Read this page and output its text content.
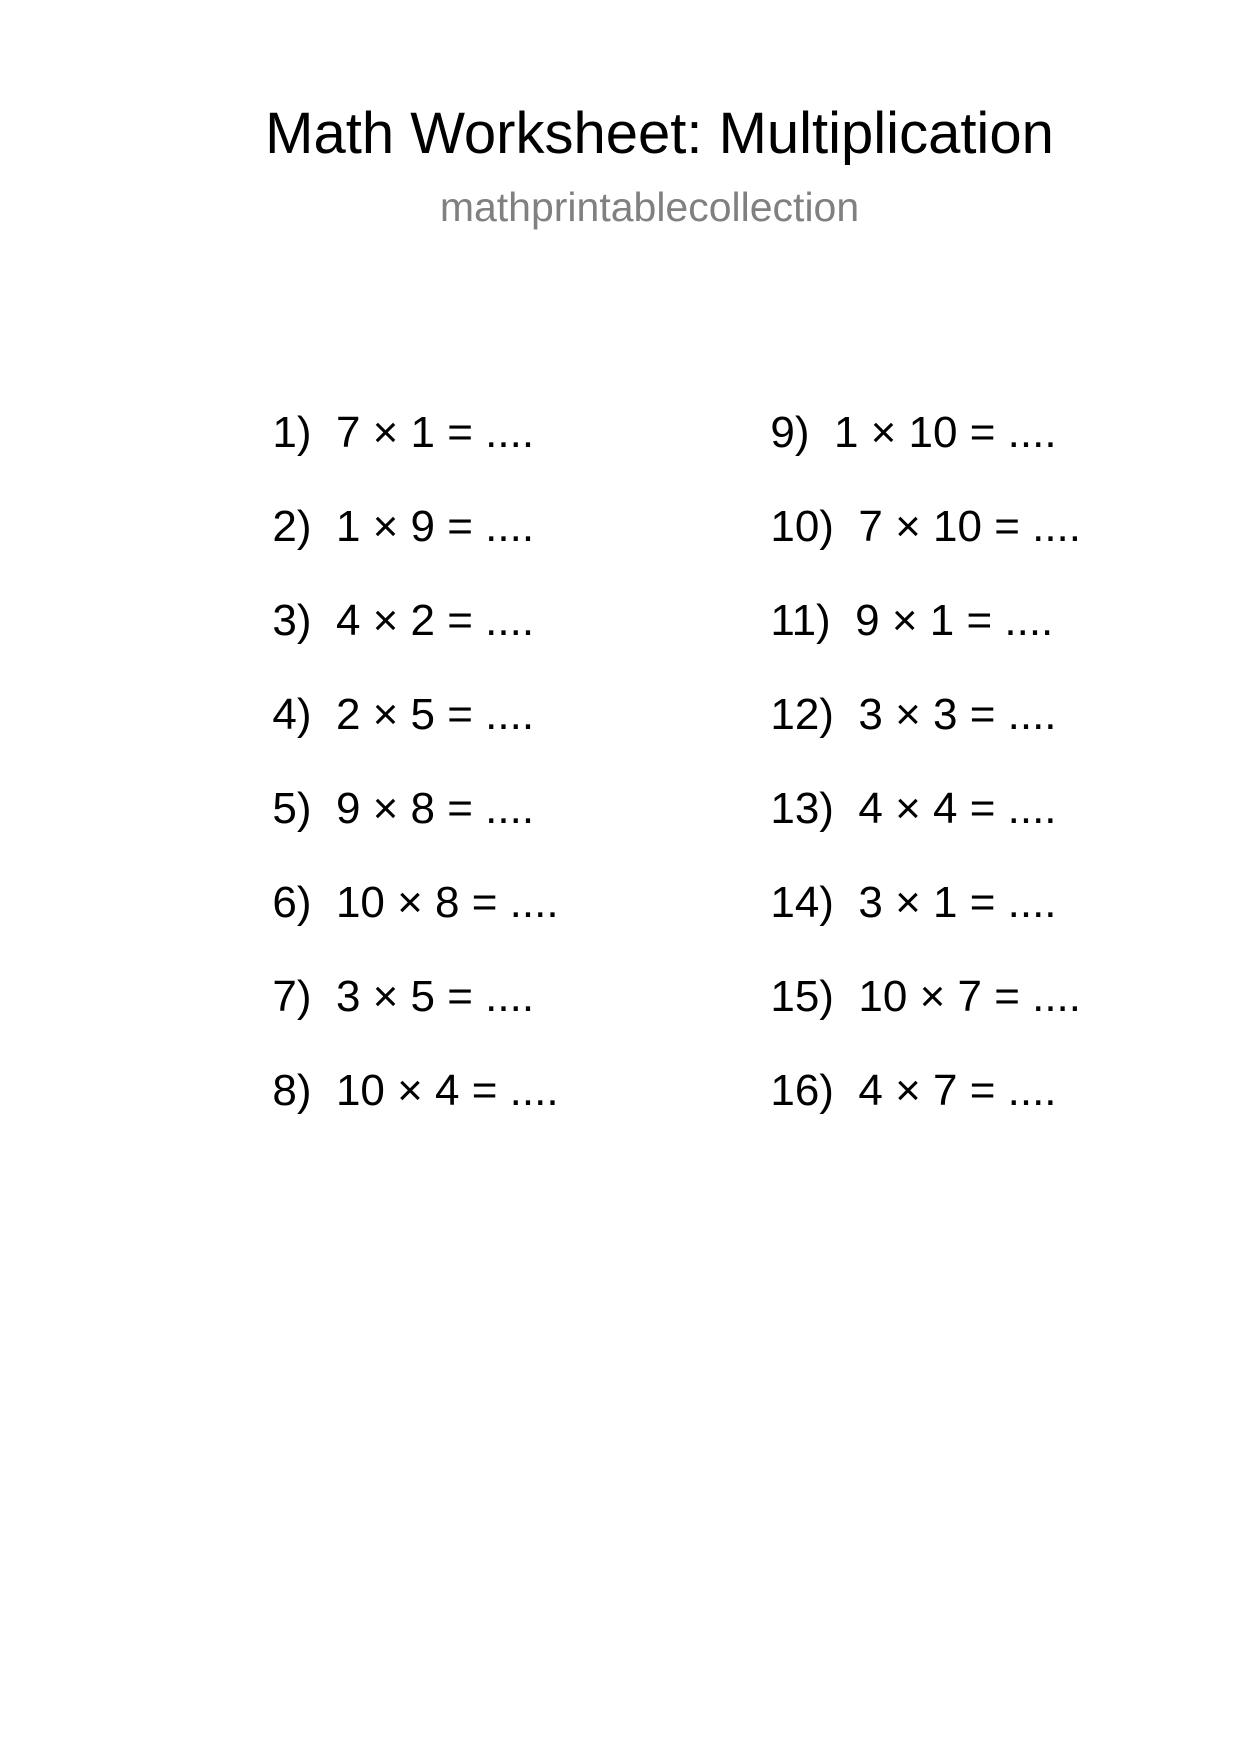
Math Worksheet: Multiplication
mathprintablecollection

1) 7 × 1 = ....

2) 1 × 9 = ....

3) 4 × 2 = ....

4) 2 × 5 = ....

5) 9 × 8 = ....

6) 10 × 8 = ....

7) 3 × 5 = ....

8) 10 × 4 = ....

9) 1 × 10 = ....

10) 7 × 10 = ....

11) 9 × 1 = ....

12) 3 × 3 = ....

13) 4 × 4 = ....

14) 3 × 1 = ....

15) 10 × 7 = ....

16) 4 × 7 = ....
